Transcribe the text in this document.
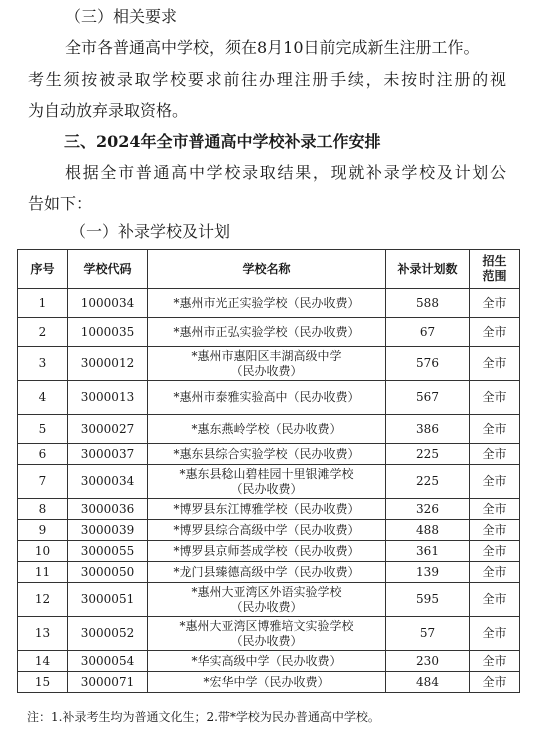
（三）相关要求
全市各普通高中学校，须在8月10日前完成新生注册工作。
考生须按被录取学校要求前往办理注册手续，未按时注册的视
为自动放弃录取资格。
三、2024年全市普通高中学校补录工作安排
根据全市普通高中学校录取结果，现就补录学校及计划公
告如下：
（一）补录学校及计划
序号	学校代码	学校名称	补录计划数	招生
范围

1	1000034	*惠州市光正实验学校（民办收费）	588	全市
2	1000035	*惠州市正弘实验学校（民办收费）	67	全市
3	3000012	*惠州市惠阳区丰湖高级中学
（民办收费）	576	全市
4	3000013	*惠州市泰雅实验高中（民办收费）	567	全市
5	3000027	*惠东燕岭学校（民办收费）	386	全市
6	3000037	*惠东县综合实验学校（民办收费）	225	全市
7	3000034	*惠东县稔山碧桂园十里银滩学校
（民办收费）	225	全市
8	3000036	*博罗县东江博雅学校（民办收费）	326	全市
9	3000039	*博罗县综合高级中学（民办收费）	488	全市
10	3000055	*博罗县京师荟成学校（民办收费）	361	全市
11	3000050	*龙门县臻德高级中学（民办收费）	139	全市
12	3000051	*惠州大亚湾区外语实验学校
（民办收费）	595	全市
13	3000052	*惠州大亚湾区博雅培文实验学校
（民办收费）	57	全市
14	3000054	*华实高级中学（民办收费）	230	全市
15	3000071	*宏华中学（民办收费）	484	全市
注：1.补录考生均为普通文化生；2.带*学校为民办普通高中学校。
